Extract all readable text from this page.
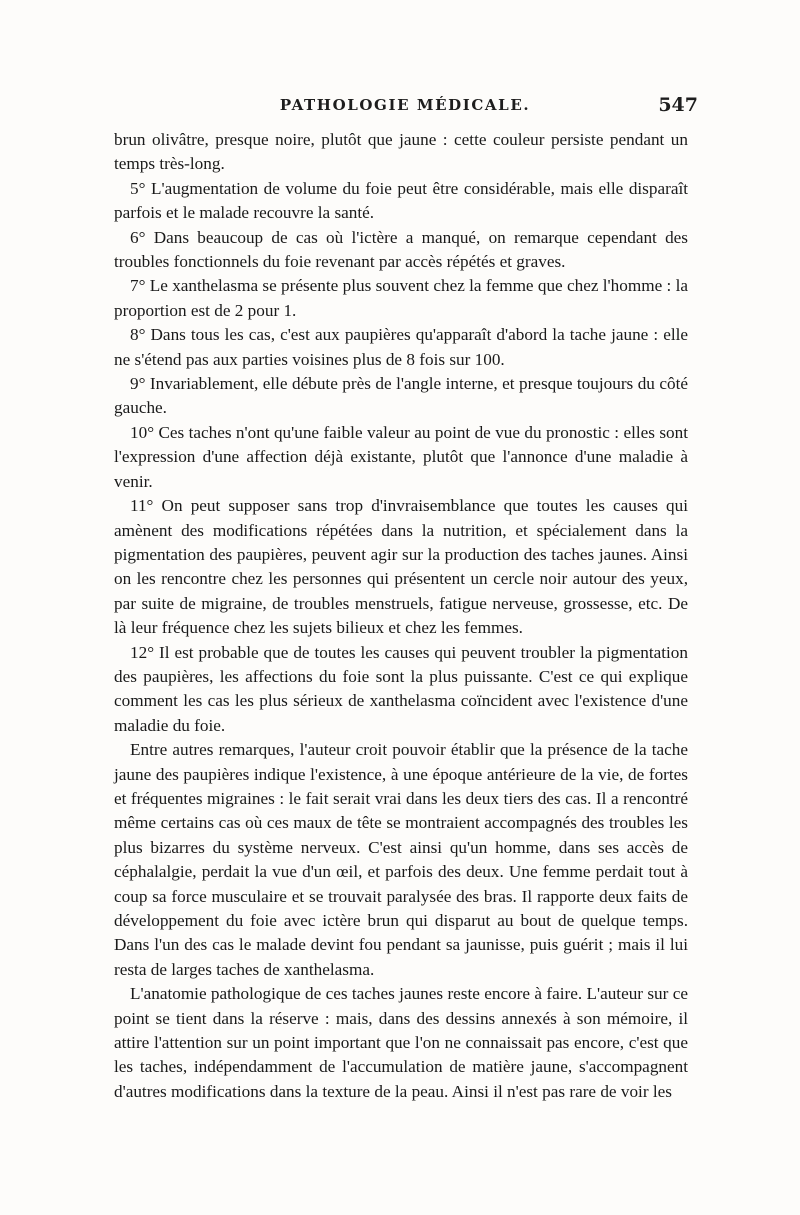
PATHOLOGIE MÉDICALE.	547

brun olivâtre, presque noire, plutôt que jaune : cette couleur persiste pendant un temps très-long.

5° L'augmentation de volume du foie peut être considérable, mais elle disparaît parfois et le malade recouvre la santé.

6° Dans beaucoup de cas où l'ictère a manqué, on remarque cependant des troubles fonctionnels du foie revenant par accès répétés et graves.

7° Le xanthelasma se présente plus souvent chez la femme que chez l'homme : la proportion est de 2 pour 1.

8° Dans tous les cas, c'est aux paupières qu'apparaît d'abord la tache jaune : elle ne s'étend pas aux parties voisines plus de 8 fois sur 100.

9° Invariablement, elle débute près de l'angle interne, et presque toujours du côté gauche.

10° Ces taches n'ont qu'une faible valeur au point de vue du pronostic : elles sont l'expression d'une affection déjà existante, plutôt que l'annonce d'une maladie à venir.

11° On peut supposer sans trop d'invraisemblance que toutes les causes qui amènent des modifications répétées dans la nutrition, et spécialement dans la pigmentation des paupières, peuvent agir sur la production des taches jaunes. Ainsi on les rencontre chez les personnes qui présentent un cercle noir autour des yeux, par suite de migraine, de troubles menstruels, fatigue nerveuse, grossesse, etc. De là leur fréquence chez les sujets bilieux et chez les femmes.

12° Il est probable que de toutes les causes qui peuvent troubler la pigmentation des paupières, les affections du foie sont la plus puissante. C'est ce qui explique comment les cas les plus sérieux de xanthelasma coïncident avec l'existence d'une maladie du foie.

Entre autres remarques, l'auteur croit pouvoir établir que la présence de la tache jaune des paupières indique l'existence, à une époque antérieure de la vie, de fortes et fréquentes migraines : le fait serait vrai dans les deux tiers des cas. Il a rencontré même certains cas où ces maux de tête se montraient accompagnés des troubles les plus bizarres du système nerveux. C'est ainsi qu'un homme, dans ses accès de céphalalgie, perdait la vue d'un œil, et parfois des deux. Une femme perdait tout à coup sa force musculaire et se trouvait paralysée des bras. Il rapporte deux faits de développement du foie avec ictère brun qui disparut au bout de quelque temps. Dans l'un des cas le malade devint fou pendant sa jaunisse, puis guérit ; mais il lui resta de larges taches de xanthelasma.

L'anatomie pathologique de ces taches jaunes reste encore à faire. L'auteur sur ce point se tient dans la réserve : mais, dans des dessins annexés à son mémoire, il attire l'attention sur un point important que l'on ne connaissait pas encore, c'est que les taches, indépendamment de l'accumulation de matière jaune, s'accompagnent d'autres modifications dans la texture de la peau. Ainsi il n'est pas rare de voir les
